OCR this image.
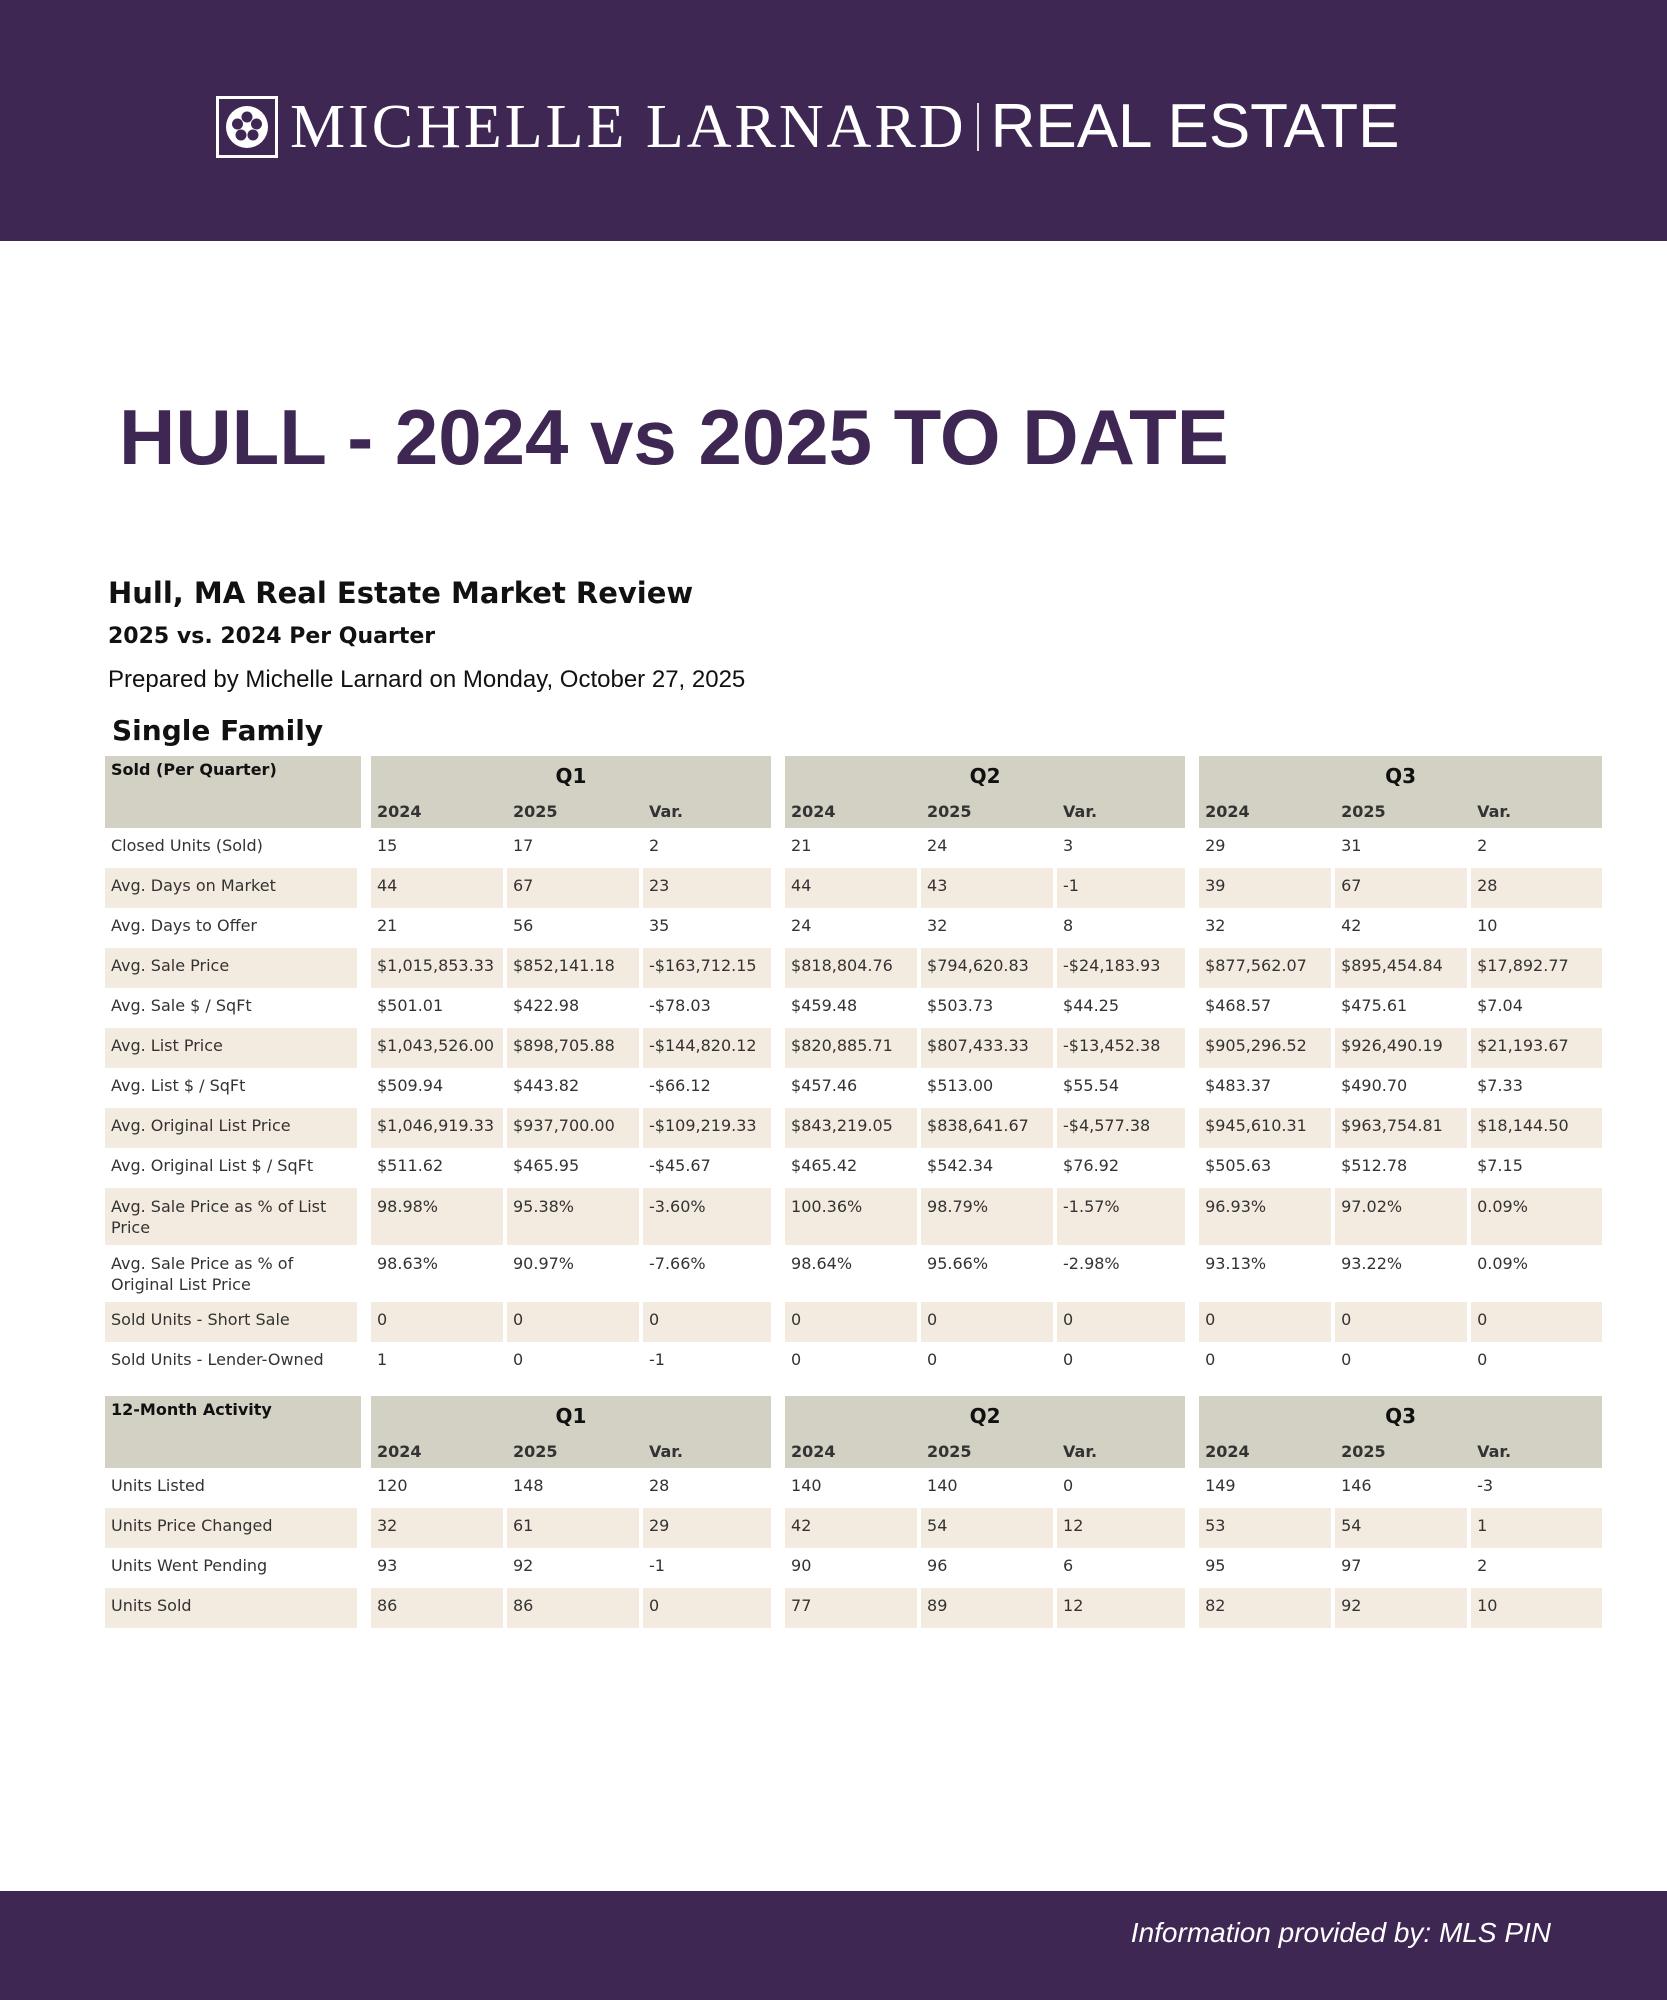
MICHELLE LARNARD REAL ESTATE
HULL - 2024 vs 2025 TO DATE
Hull, MA Real Estate Market Review
2025 vs. 2024 Per Quarter
Prepared by Michelle Larnard on Monday, October 27, 2025
Single Family
Sold (Per Quarter)		Q1				Q2				Q3		
		2024	2025	Var.		2024	2025	Var.		2024	2025	Var.
Closed Units (Sold)		15	17	2		21	24	3		29	31	2
Avg. Days on Market		44	67	23		44	43	-1		39	67	28
Avg. Days to Offer		21	56	35		24	32	8		32	42	10
Avg. Sale Price		$1,015,853.33	$852,141.18	-$163,712.15		$818,804.76	$794,620.83	-$24,183.93		$877,562.07	$895,454.84	$17,892.77
Avg. Sale $ / SqFt		$501.01	$422.98	-$78.03		$459.48	$503.73	$44.25		$468.57	$475.61	$7.04
Avg. List Price		$1,043,526.00	$898,705.88	-$144,820.12		$820,885.71	$807,433.33	-$13,452.38		$905,296.52	$926,490.19	$21,193.67
Avg. List $ / SqFt		$509.94	$443.82	-$66.12		$457.46	$513.00	$55.54		$483.37	$490.70	$7.33
Avg. Original List Price		$1,046,919.33	$937,700.00	-$109,219.33		$843,219.05	$838,641.67	-$4,577.38		$945,610.31	$963,754.81	$18,144.50
Avg. Original List $ / SqFt		$511.62	$465.95	-$45.67		$465.42	$542.34	$76.92		$505.63	$512.78	$7.15
Avg. Sale Price as % of List Price		98.98%	95.38%	-3.60%		100.36%	98.79%	-1.57%		96.93%	97.02%	0.09%
Avg. Sale Price as % of Original List Price		98.63%	90.97%	-7.66%		98.64%	95.66%	-2.98%		93.13%	93.22%	0.09%
Sold Units - Short Sale		0	0	0		0	0	0		0	0	0
Sold Units - Lender-Owned		1	0	-1		0	0	0		0	0	0

12-Month Activity		Q1				Q2				Q3		
		2024	2025	Var.		2024	2025	Var.		2024	2025	Var.
Units Listed		120	148	28		140	140	0		149	146	-3
Units Price Changed		32	61	29		42	54	12		53	54	1
Units Went Pending		93	92	-1		90	96	6		95	97	2
Units Sold		86	86	0		77	89	12		82	92	10
Information provided by: MLS PIN
